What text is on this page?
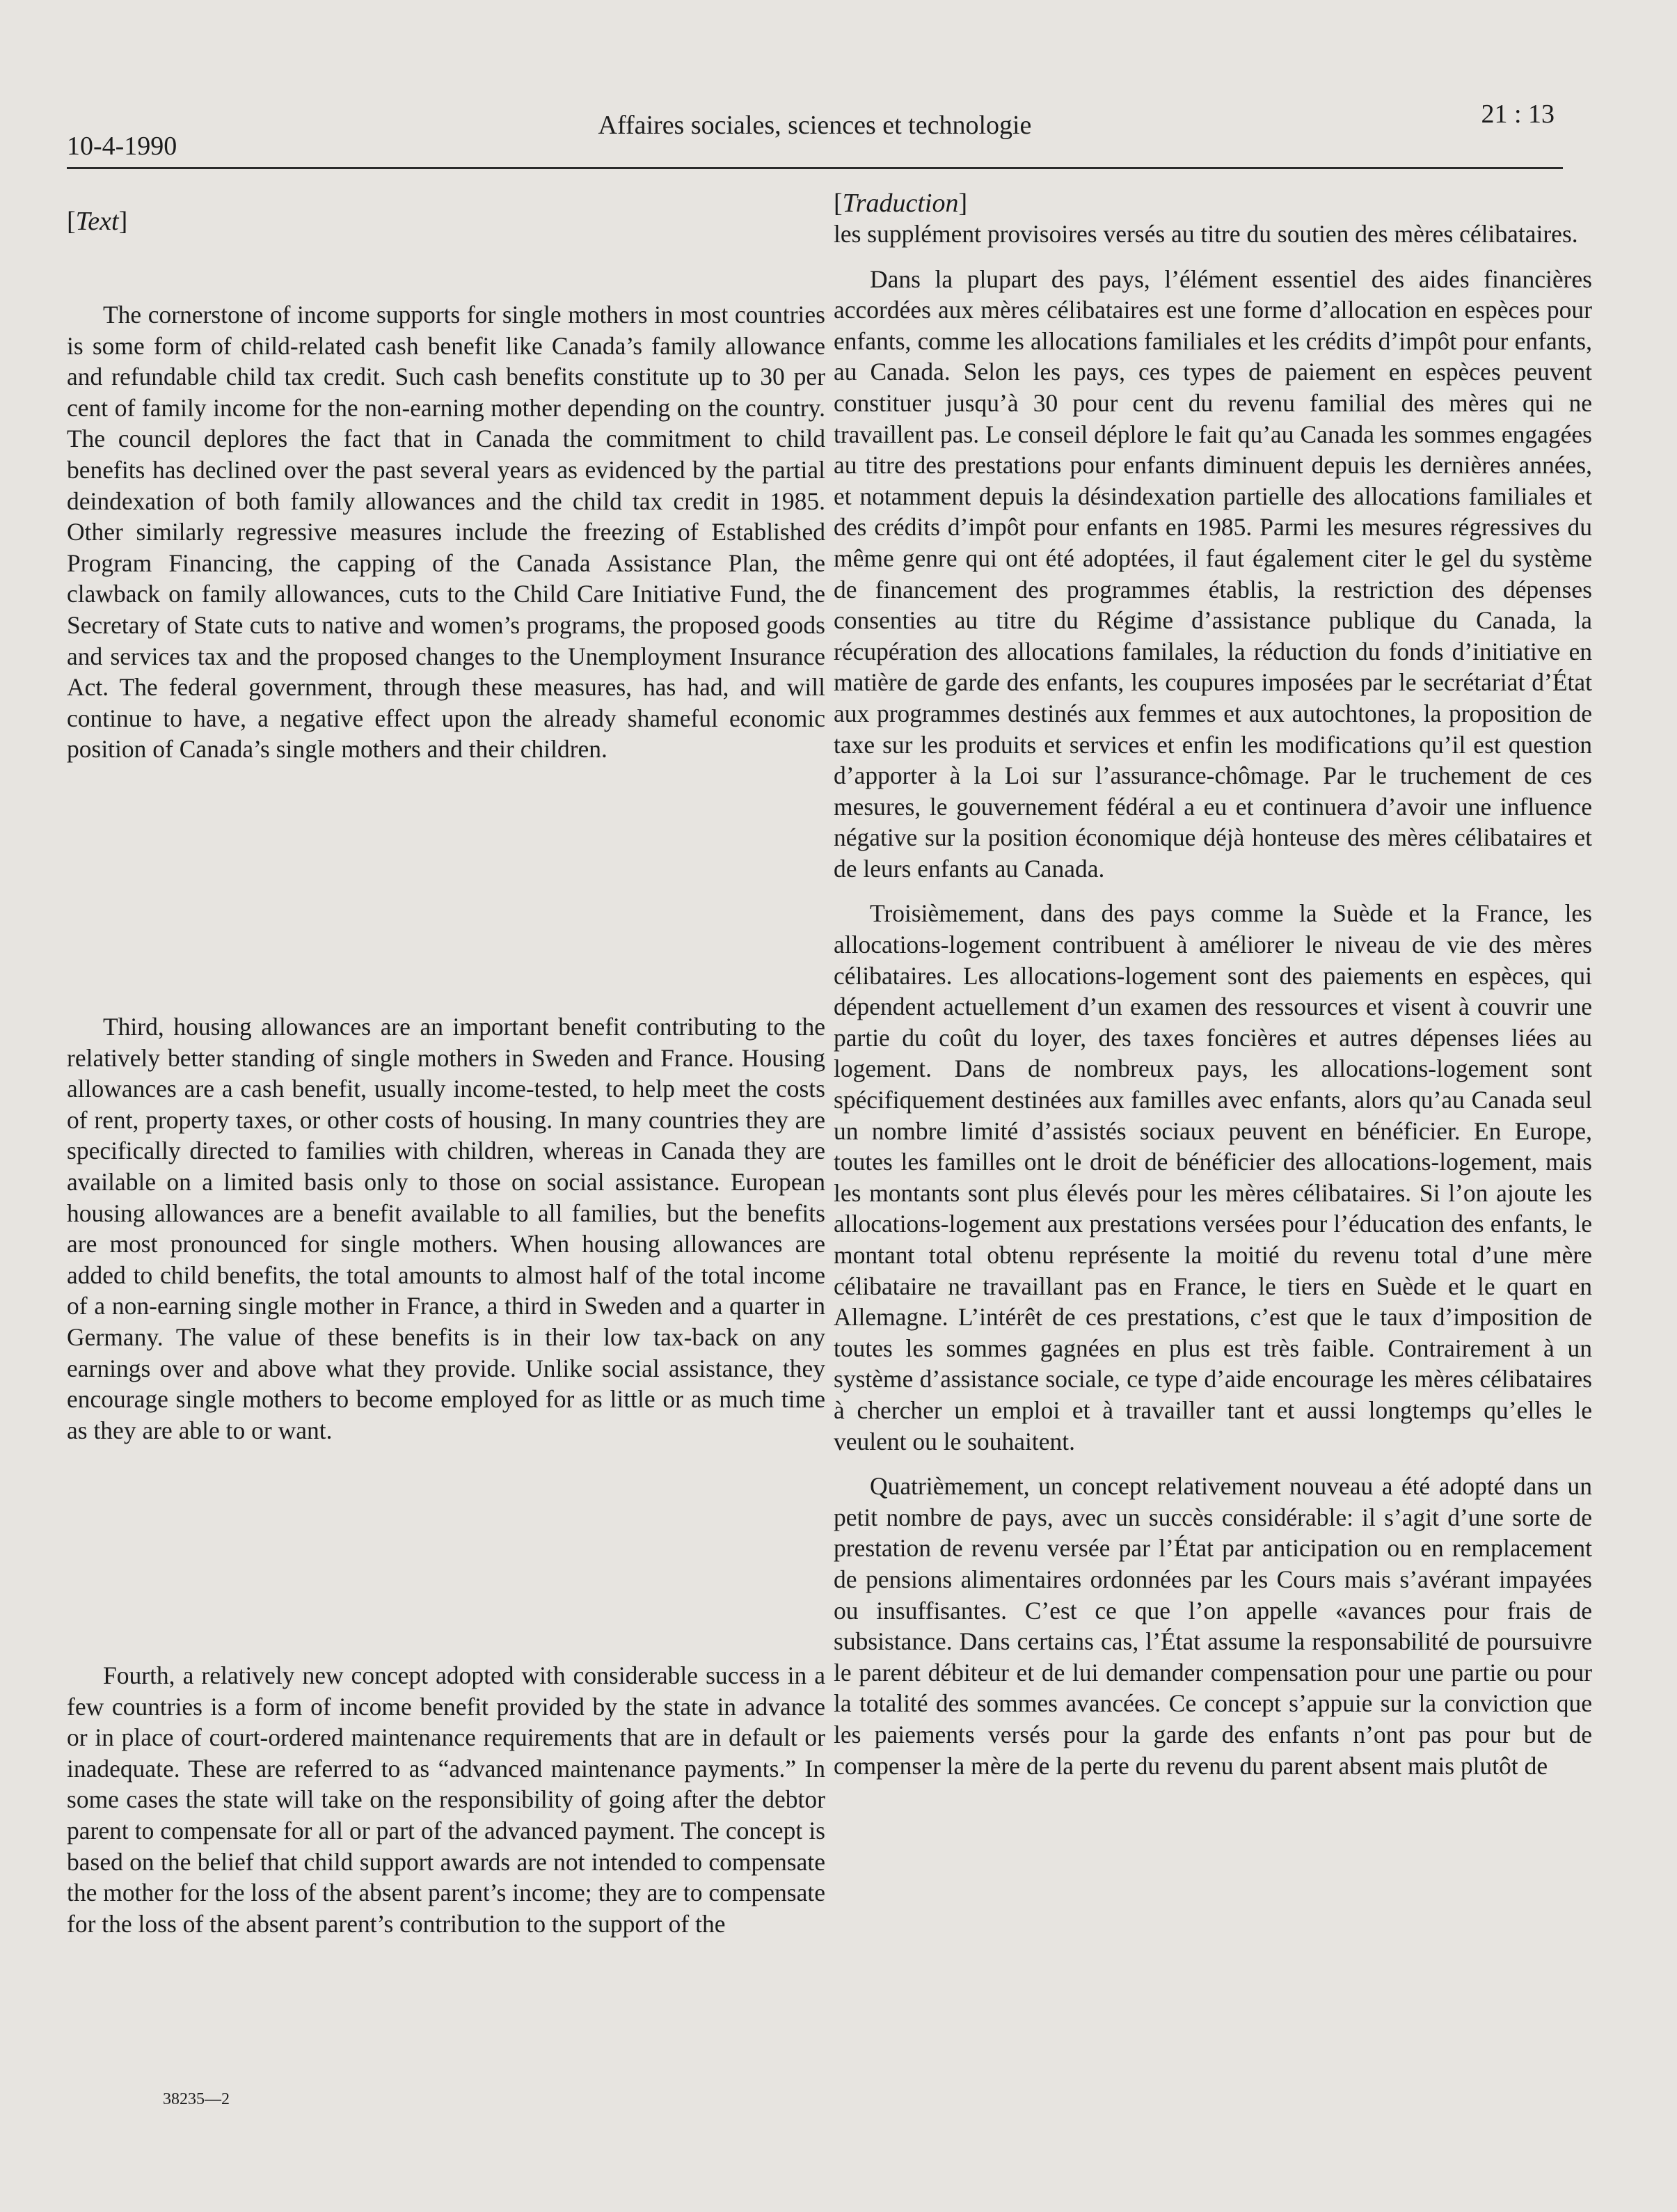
10-4-1990
Affaires sociales, sciences et technologie	21 : 13
[Text]

The cornerstone of income supports for single mothers in most countries is some form of child-related cash benefit like Canada’s family allowance and refundable child tax credit. Such cash benefits constitute up to 30 per cent of family income for the non-earning mother depending on the country. The council deplores the fact that in Canada the commitment to child benefits has declined over the past several years as evidenced by the partial deindexation of both family allowances and the child tax credit in 1985. Other similarly regressive measures include the freezing of Established Program Financing, the capping of the Canada Assistance Plan, the clawback on family allowances, cuts to the Child Care Initiative Fund, the Secretary of State cuts to native and women’s programs, the proposed goods and services tax and the proposed changes to the Unemployment Insurance Act. The federal government, through these measures, has had, and will continue to have, a negative effect upon the already shameful economic position of Canada’s single mothers and their children.

Third, housing allowances are an important benefit contributing to the relatively better standing of single mothers in Sweden and France. Housing allowances are a cash benefit, usually income-tested, to help meet the costs of rent, property taxes, or other costs of housing. In many countries they are specifically directed to families with children, whereas in Canada they are available on a limited basis only to those on social assistance. European housing allowances are a benefit available to all families, but the benefits are most pronounced for single mothers. When housing allowances are added to child benefits, the total amounts to almost half of the total income of a non-earning single mother in France, a third in Sweden and a quarter in Germany. The value of these benefits is in their low tax-back on any earnings over and above what they provide. Unlike social assistance, they encourage single mothers to become employed for as little or as much time as they are able to or want.

Fourth, a relatively new concept adopted with considerable success in a few countries is a form of income benefit provided by the state in advance or in place of court-ordered maintenance requirements that are in default or inadequate. These are referred to as “advanced maintenance payments.” In some cases the state will take on the responsibility of going after the debtor parent to compensate for all or part of the advanced payment. The concept is based on the belief that child support awards are not intended to compensate the mother for the loss of the absent parent’s income; they are to compensate for the loss of the absent parent’s contribution to the support of the

[Traduction]

les supplément provisoires versés au titre du soutien des mères célibataires.

Dans la plupart des pays, l’élément essentiel des aides financières accordées aux mères célibataires est une forme d’allocation en espèces pour enfants, comme les allocations familiales et les crédits d’impôt pour enfants, au Canada. Selon les pays, ces types de paiement en espèces peuvent constituer jusqu’à 30 pour cent du revenu familial des mères qui ne travaillent pas. Le conseil déplore le fait qu’au Canada les sommes engagées au titre des prestations pour enfants diminuent depuis les dernières années, et notamment depuis la désindexation partielle des allocations familiales et des crédits d’impôt pour enfants en 1985. Parmi les mesures régressives du même genre qui ont été adoptées, il faut également citer le gel du système de financement des programmes établis, la restriction des dépenses consenties au titre du Régime d’assistance publique du Canada, la récupération des allocations familales, la réduction du fonds d’initiative en matière de garde des enfants, les coupures imposées par le secrétariat d’État aux programmes destinés aux femmes et aux autochtones, la proposition de taxe sur les produits et services et enfin les modifications qu’il est question d’apporter à la Loi sur l’assurance-chômage. Par le truchement de ces mesures, le gouvernement fédéral a eu et continuera d’avoir une influence négative sur la position économique déjà honteuse des mères célibataires et de leurs enfants au Canada.

Troisièmement, dans des pays comme la Suède et la France, les allocations-logement contribuent à améliorer le niveau de vie des mères célibataires. Les allocations-logement sont des paiements en espèces, qui dépendent actuellement d’un examen des ressources et visent à couvrir une partie du coût du loyer, des taxes foncières et autres dépenses liées au logement. Dans de nombreux pays, les allocations-logement sont spécifiquement destinées aux familles avec enfants, alors qu’au Canada seul un nombre limité d’assistés sociaux peuvent en bénéficier. En Europe, toutes les familles ont le droit de bénéficier des allocations-logement, mais les montants sont plus élevés pour les mères célibataires. Si l’on ajoute les allocations-logement aux prestations versées pour l’éducation des enfants, le montant total obtenu représente la moitié du revenu total d’une mère célibataire ne travaillant pas en France, le tiers en Suède et le quart en Allemagne. L’intérêt de ces prestations, c’est que le taux d’imposition de toutes les sommes gagnées en plus est très faible. Contrairement à un système d’assistance sociale, ce type d’aide encourage les mères célibataires à chercher un emploi et à travailler tant et aussi longtemps qu’elles le veulent ou le souhaitent.

Quatrièmement, un concept relativement nouveau a été adopté dans un petit nombre de pays, avec un succès considérable: il s’agit d’une sorte de prestation de revenu versée par l’État par anticipation ou en remplacement de pensions alimentaires ordonnées par les Cours mais s’avérant impayées ou insuffisantes. C’est ce que l’on appelle «avances pour frais de subsistance. Dans certains cas, l’État assume la responsabilité de poursuivre le parent débiteur et de lui demander compensation pour une partie ou pour la totalité des sommes avancées. Ce concept s’appuie sur la conviction que les paiements versés pour la garde des enfants n’ont pas pour but de compenser la mère de la perte du revenu du parent absent mais plutôt de

38235—2
